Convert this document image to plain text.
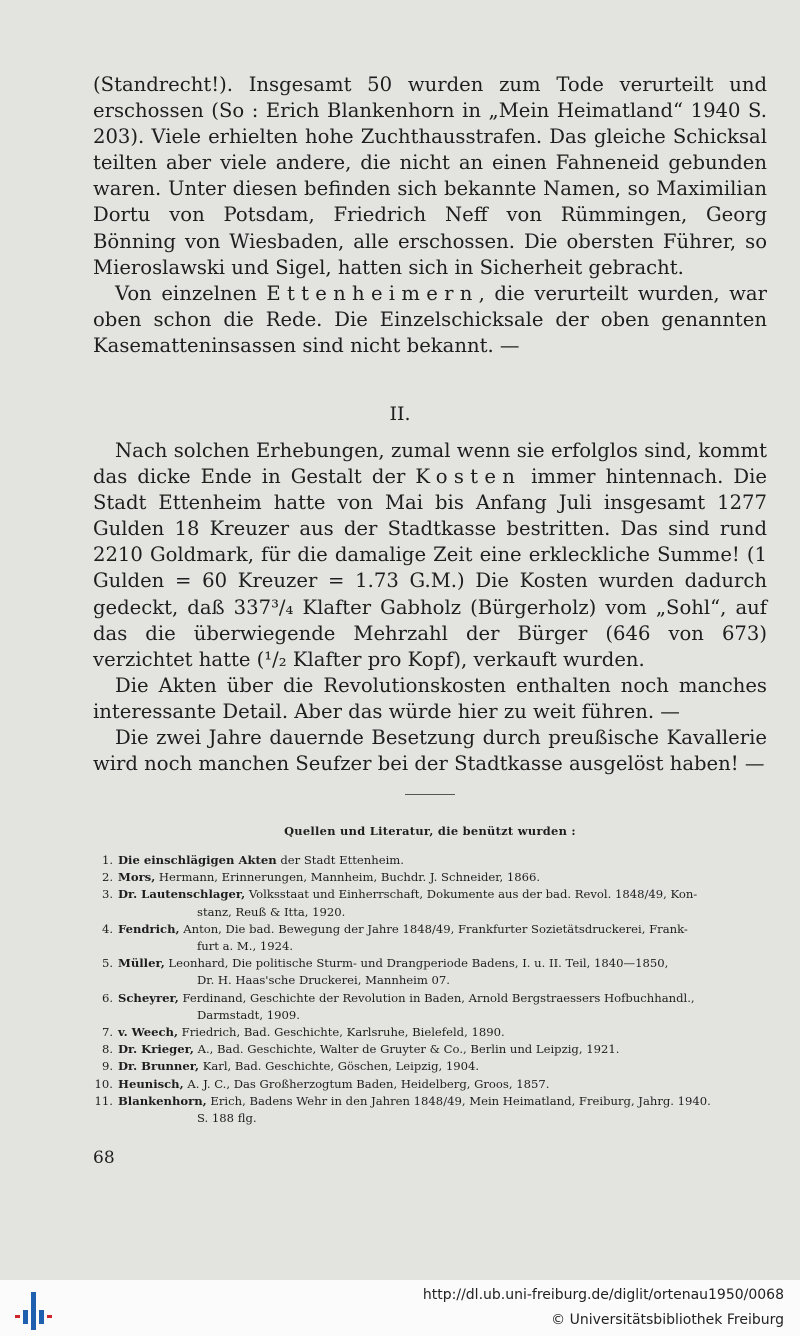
(Standrecht!). Insgesamt 50 wurden zum Tode verurteilt und erschossen (So : Erich Blankenhorn in „Mein Heimatland“ 1940 S. 203). Viele erhielten hohe Zuchthausstrafen. Das gleiche Schicksal teilten aber viele andere, die nicht an einen Fahneneid gebunden waren. Unter diesen befinden sich bekannte Namen, so Maximilian Dortu von Potsdam, Friedrich Neff von Rümmingen, Georg Bönning von Wiesbaden, alle erschossen. Die obersten Führer, so Mieroslawski und Sigel, hatten sich in Sicherheit gebracht.

Von einzelnen Ettenheimern, die verurteilt wurden, war oben schon die Rede. Die Einzelschicksale der oben genannten Kasematteninsassen sind nicht bekannt. —

II.

Nach solchen Erhebungen, zumal wenn sie erfolglos sind, kommt das dicke Ende in Gestalt der Kosten immer hintennach. Die Stadt Ettenheim hatte von Mai bis Anfang Juli insgesamt 1277 Gulden 18 Kreuzer aus der Stadtkasse bestritten. Das sind rund 2210 Goldmark, für die damalige Zeit eine erkleckliche Summe! (1 Gulden = 60 Kreuzer = 1.73 G.M.) Die Kosten wurden dadurch gedeckt, daß 337³/₄ Klafter Gabholz (Bürgerholz) vom „Sohl“, auf das die überwiegende Mehrzahl der Bürger (646 von 673) verzichtet hatte (¹/₂ Klafter pro Kopf), verkauft wurden.

Die Akten über die Revolutionskosten enthalten noch manches interessante Detail. Aber das würde hier zu weit führen. —

Die zwei Jahre dauernde Besetzung durch preußische Kavallerie wird noch manchen Seufzer bei der Stadtkasse ausgelöst haben! —

Quellen und Literatur, die benützt wurden :
1. Die einschlägigen Akten der Stadt Ettenheim.
2. Mors, Hermann, Erinnerungen, Mannheim, Buchdr. J. Schneider, 1866.
3. Dr. Lautenschlager, Volksstaat und Einherrschaft, Dokumente aus der bad. Revol. 1848/49, Kon-
stanz, Reuß & Itta, 1920.
4. Fendrich, Anton, Die bad. Bewegung der Jahre 1848/49, Frankfurter Sozietätsdruckerei, Frank-
furt a. M., 1924.
5. Müller, Leonhard, Die politische Sturm- und Drangperiode Badens, I. u. II. Teil, 1840—1850,
Dr. H. Haas'sche Druckerei, Mannheim 07.
6. Scheyrer, Ferdinand, Geschichte der Revolution in Baden, Arnold Bergstraessers Hofbuchhandl.,
Darmstadt, 1909.
7. v. Weech, Friedrich, Bad. Geschichte, Karlsruhe, Bielefeld, 1890.
8. Dr. Krieger, A., Bad. Geschichte, Walter de Gruyter & Co., Berlin und Leipzig, 1921.
9. Dr. Brunner, Karl, Bad. Geschichte, Göschen, Leipzig, 1904.
10. Heunisch, A. J. C., Das Großherzogtum Baden, Heidelberg, Groos, 1857.
11. Blankenhorn, Erich, Badens Wehr in den Jahren 1848/49, Mein Heimatland, Freiburg, Jahrg. 1940.
S. 188 flg.
68
http://dl.ub.uni-freiburg.de/diglit/ortenau1950/0068
© Universitätsbibliothek Freiburg
